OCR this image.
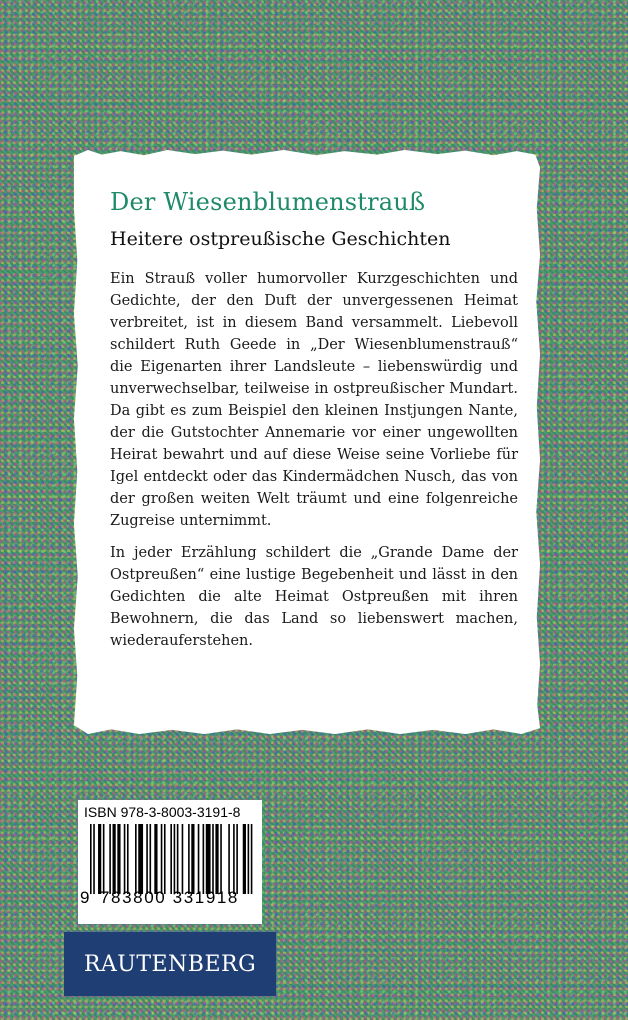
Der Wiesenblumenstrauß
Heitere ostpreußische Geschichten

Ein Strauß voller humorvoller Kurzgeschichten und Gedichte, der den Duft der unvergessenen Heimat verbreitet, ist in diesem Band versammelt. Liebevoll schildert Ruth Geede in „Der Wiesenblumenstrauß“ die Eigenarten ihrer Landsleute – liebenswürdig und unverwechselbar, teilweise in ostpreußischer Mundart. Da gibt es zum Beispiel den kleinen Instjungen Nante, der die Gutstochter Annemarie vor einer ungewollten Heirat bewahrt und auf diese Weise seine Vorliebe für Igel entdeckt oder das Kindermädchen Nusch, das von der großen weiten Welt träumt und eine folgenreiche Zugreise unternimmt.

In jeder Erzählung schildert die „Grande Dame der Ostpreußen“ eine lustige Begebenheit und lässt in den Gedichten die alte Heimat Ostpreußen mit ihren Bewohnern, die das Land so liebenswert machen, wiederauferstehen.

ISBN 978-3-8003-3191-8
9 783800 331918
RAUTENBERG
